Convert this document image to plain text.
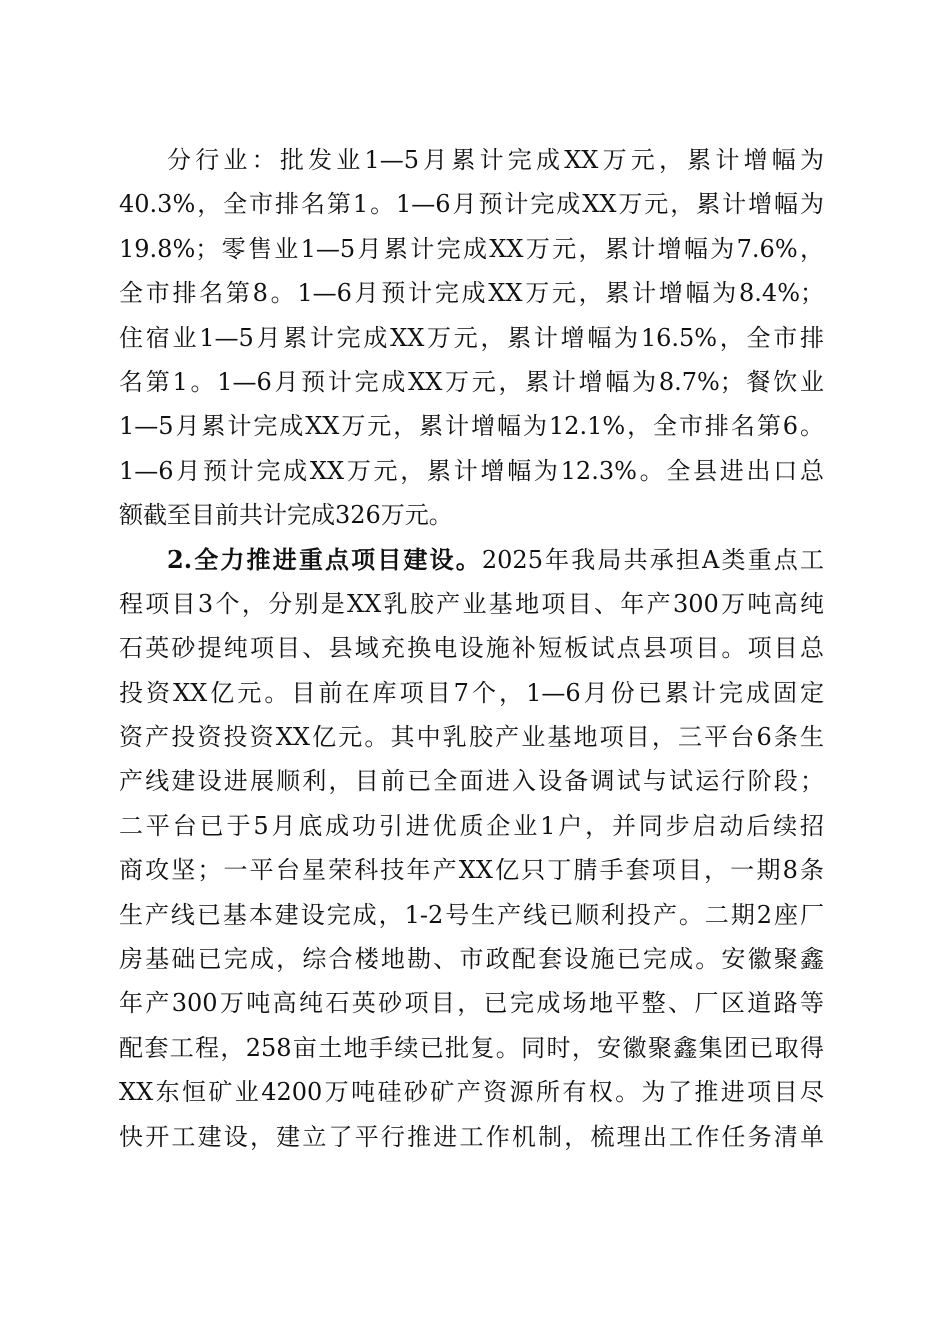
分行业：批发业1—5月累计完成XX万元，累计增幅为
40.3%，全市排名第1。1—6月预计完成XX万元，累计增幅为
19.8%；零售业1—5月累计完成XX万元，累计增幅为7.6%，
全市排名第8。1—6月预计完成XX万元，累计增幅为8.4%；
住宿业1—5月累计完成XX万元，累计增幅为16.5%，全市排
名第1。1—6月预计完成XX万元，累计增幅为8.7%；餐饮业
1—5月累计完成XX万元，累计增幅为12.1%，全市排名第6。
1—6月预计完成XX万元，累计增幅为12.3%。全县进出口总
额截至目前共计完成326万元。
2.全力推进重点项目建设。2025年我局共承担A类重点工
程项目3个，分别是XX乳胶产业基地项目、年产300万吨高纯
石英砂提纯项目、县域充换电设施补短板试点县项目。项目总
投资XX亿元。目前在库项目7个，1—6月份已累计完成固定
资产投资投资XX亿元。其中乳胶产业基地项目，三平台6条生
产线建设进展顺利，目前已全面进入设备调试与试运行阶段；
二平台已于5月底成功引进优质企业1户，并同步启动后续招
商攻坚；一平台星荣科技年产XX亿只丁腈手套项目，一期8条
生产线已基本建设完成，1-2号生产线已顺利投产。二期2座厂
房基础已完成，综合楼地勘、市政配套设施已完成。安徽聚鑫
年产300万吨高纯石英砂项目，已完成场地平整、厂区道路等
配套工程，258亩土地手续已批复。同时，安徽聚鑫集团已取得
XX东恒矿业4200万吨硅砂矿产资源所有权。为了推进项目尽
快开工建设，建立了平行推进工作机制，梳理出工作任务清单
